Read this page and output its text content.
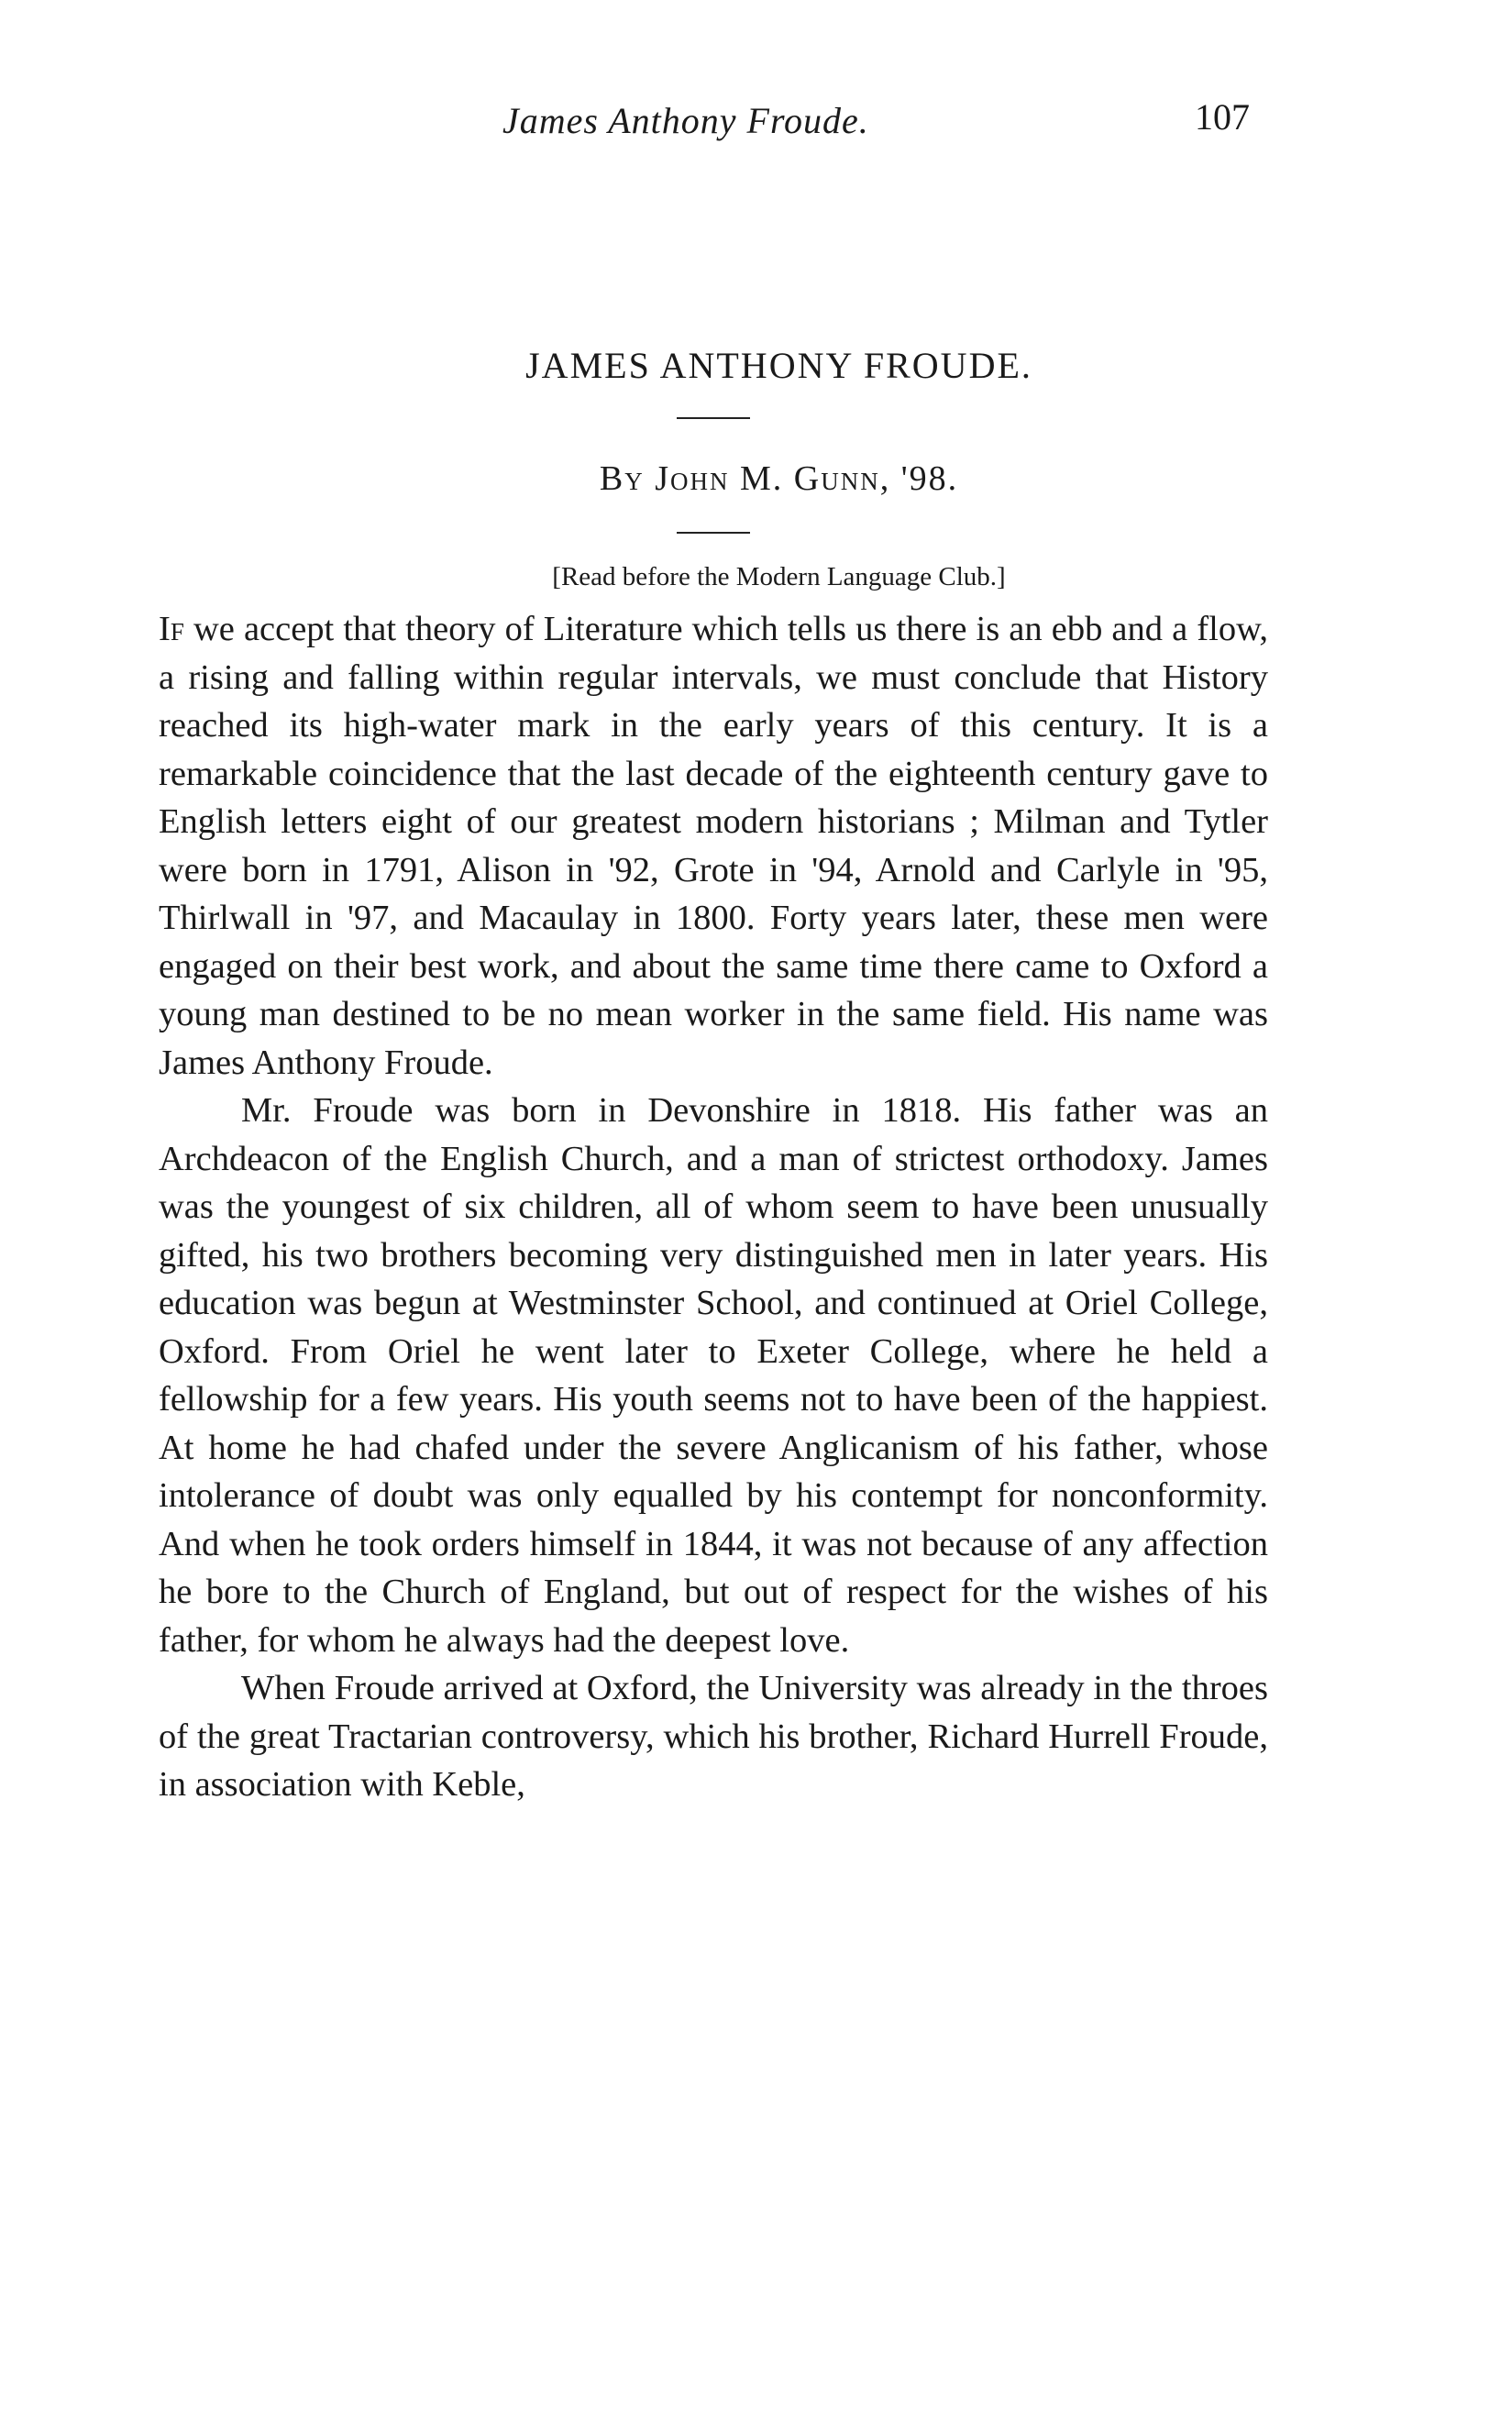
James Anthony Froude.	107
JAMES ANTHONY FROUDE.
By John M. Gunn, '98.
[Read before the Modern Language Club.]

If we accept that theory of Literature which tells us there is an ebb and a flow, a rising and falling within regular intervals, we must conclude that History reached its high-water mark in the early years of this century. It is a remarkable coincidence that the last decade of the eighteenth century gave to English letters eight of our greatest modern historians ; Milman and Tytler were born in 1791, Alison in '92, Grote in '94, Arnold and Carlyle in '95, Thirlwall in '97, and Macaulay in 1800. Forty years later, these men were engaged on their best work, and about the same time there came to Oxford a young man destined to be no mean worker in the same field. His name was James Anthony Froude.

Mr. Froude was born in Devonshire in 1818. His father was an Archdeacon of the English Church, and a man of strictest orthodoxy. James was the youngest of six children, all of whom seem to have been unusually gifted, his two brothers becoming very distinguished men in later years. His education was begun at Westminster School, and continued at Oriel College, Oxford. From Oriel he went later to Exeter College, where he held a fellowship for a few years. His youth seems not to have been of the happiest. At home he had chafed under the severe Anglicanism of his father, whose intolerance of doubt was only equalled by his contempt for nonconformity. And when he took orders himself in 1844, it was not because of any affection he bore to the Church of England, but out of respect for the wishes of his father, for whom he always had the deepest love.

When Froude arrived at Oxford, the University was already in the throes of the great Tractarian controversy, which his brother, Richard Hurrell Froude, in association with Keble,
